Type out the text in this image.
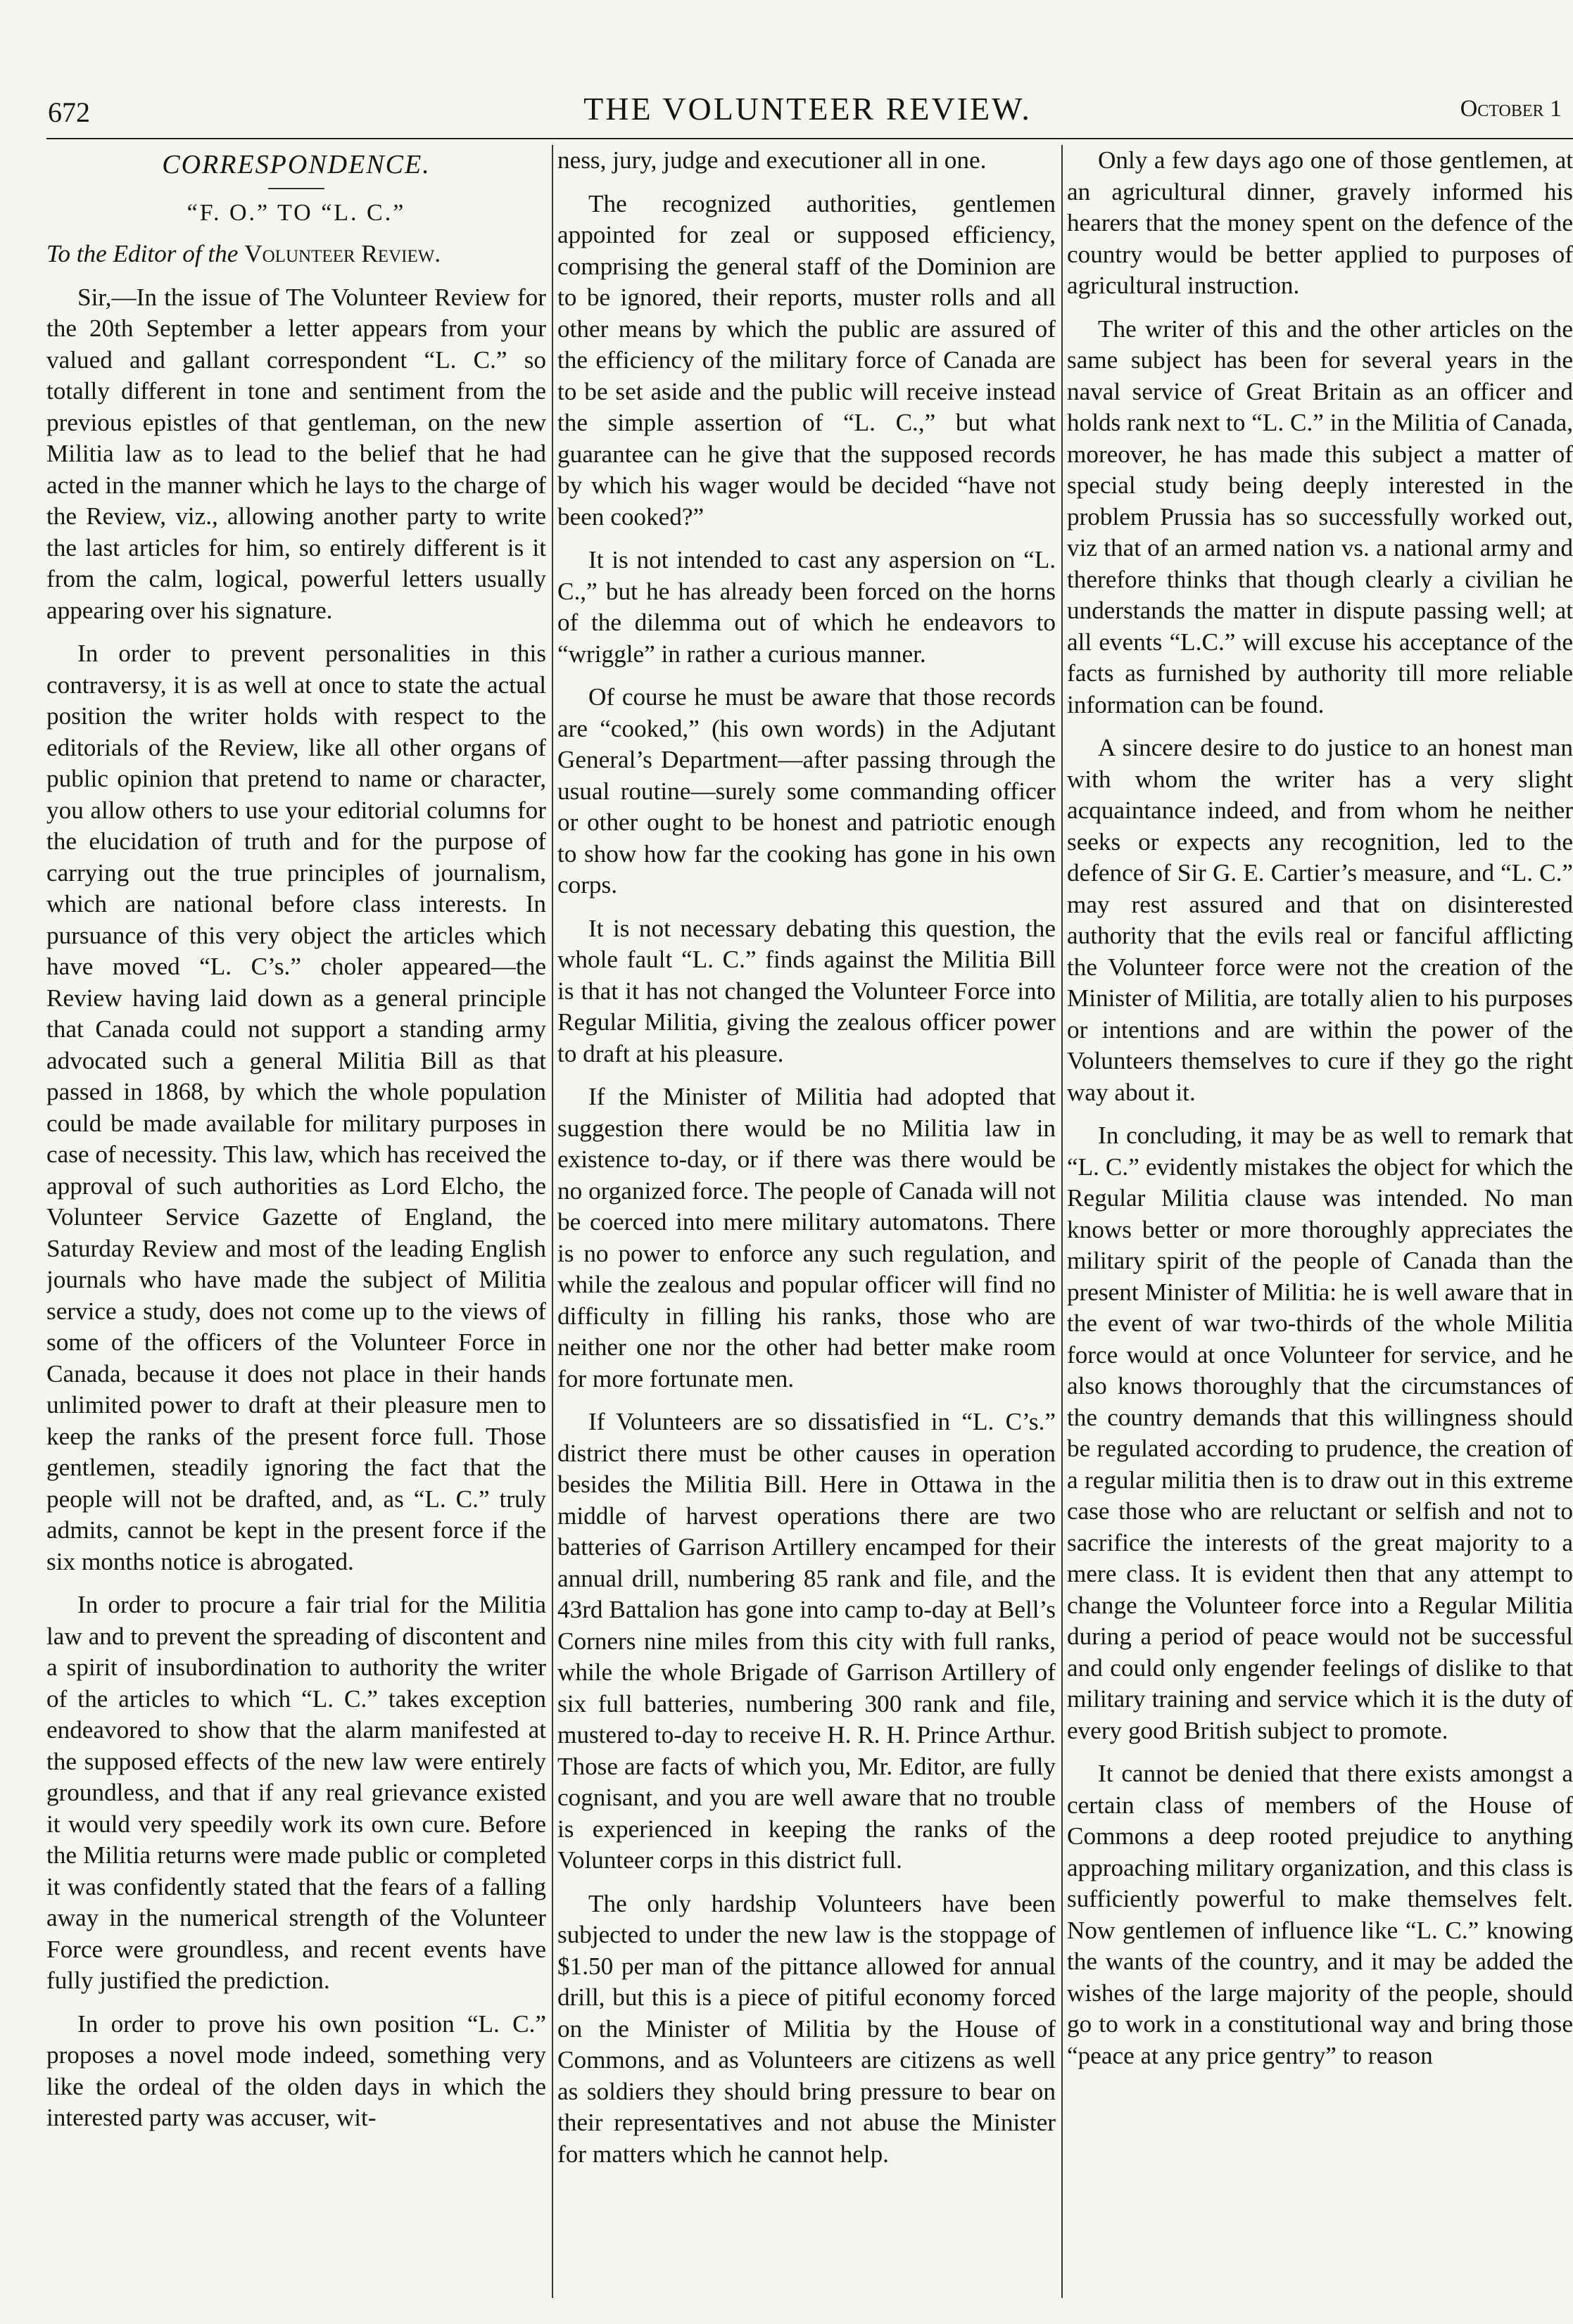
672	THE VOLUNTEER REVIEW.	October 1
CORRESPONDENCE.
“F. O.” TO “L. C.”

To the Editor of the Volunteer Review.

Sir,—In the issue of The Volunteer Review for the 20th September a letter appears from your valued and gallant correspondent “L. C.” so totally different in tone and sentiment from the previous epistles of that gentleman, on the new Militia law as to lead to the belief that he had acted in the manner which he lays to the charge of the Review, viz., allowing another party to write the last articles for him, so entirely different is it from the calm, logical, powerful letters usually appearing over his signature.

In order to prevent personalities in this contraversy, it is as well at once to state the actual position the writer holds with respect to the editorials of the Review, like all other organs of public opinion that pretend to name or character, you allow others to use your editorial columns for the elucidation of truth and for the purpose of carrying out the true principles of journalism, which are national before class interests. In pursuance of this very object the articles which have moved “L. C’s.” choler appeared—the Review having laid down as a general principle that Canada could not support a standing army advocated such a general Militia Bill as that passed in 1868, by which the whole population could be made available for military purposes in case of necessity. This law, which has received the approval of such authorities as Lord Elcho, the Volunteer Service Gazette of England, the Saturday Review and most of the leading English journals who have made the subject of Militia service a study, does not come up to the views of some of the officers of the Volunteer Force in Canada, because it does not place in their hands unlimited power to draft at their pleasure men to keep the ranks of the present force full. Those gentlemen, steadily ignoring the fact that the people will not be drafted, and, as “L. C.” truly admits, cannot be kept in the present force if the six months notice is abrogated.

In order to procure a fair trial for the Militia law and to prevent the spreading of discontent and a spirit of insubordination to authority the writer of the articles to which “L. C.” takes exception endeavored to show that the alarm manifested at the supposed effects of the new law were entirely groundless, and that if any real grievance existed it would very speedily work its own cure. Before the Militia returns were made public or completed it was confidently stated that the fears of a falling away in the numerical strength of the Volunteer Force were groundless, and recent events have fully justified the prediction.

In order to prove his own position “L. C.” proposes a novel mode indeed, something very like the ordeal of the olden days in which the interested party was accuser, wit-

ness, jury, judge and executioner all in one.

The recognized authorities, gentlemen appointed for zeal or supposed efficiency, comprising the general staff of the Dominion are to be ignored, their reports, muster rolls and all other means by which the public are assured of the efficiency of the military force of Canada are to be set aside and the public will receive instead the simple assertion of “L. C.,” but what guarantee can he give that the supposed records by which his wager would be decided “have not been cooked?”

It is not intended to cast any aspersion on “L. C.,” but he has already been forced on the horns of the dilemma out of which he endeavors to “wriggle” in rather a curious manner.

Of course he must be aware that those records are “cooked,” (his own words) in the Adjutant General’s Department—after passing through the usual routine—surely some commanding officer or other ought to be honest and patriotic enough to show how far the cooking has gone in his own corps.

It is not necessary debating this question, the whole fault “L. C.” finds against the Militia Bill is that it has not changed the Volunteer Force into Regular Militia, giving the zealous officer power to draft at his pleasure.

If the Minister of Militia had adopted that suggestion there would be no Militia law in existence to-day, or if there was there would be no organized force. The people of Canada will not be coerced into mere military automatons. There is no power to enforce any such regulation, and while the zealous and popular officer will find no difficulty in filling his ranks, those who are neither one nor the other had better make room for more fortunate men.

If Volunteers are so dissatisfied in “L. C’s.” district there must be other causes in operation besides the Militia Bill. Here in Ottawa in the middle of harvest operations there are two batteries of Garrison Artillery encamped for their annual drill, numbering 85 rank and file, and the 43rd Battalion has gone into camp to-day at Bell’s Corners nine miles from this city with full ranks, while the whole Brigade of Garrison Artillery of six full batteries, numbering 300 rank and file, mustered to-day to receive H. R. H. Prince Arthur. Those are facts of which you, Mr. Editor, are fully cognisant, and you are well aware that no trouble is experienced in keeping the ranks of the Volunteer corps in this district full.

The only hardship Volunteers have been subjected to under the new law is the stoppage of $1.50 per man of the pittance allowed for annual drill, but this is a piece of pitiful economy forced on the Minister of Militia by the House of Commons, and as Volunteers are citizens as well as soldiers they should bring pressure to bear on their representatives and not abuse the Minister for matters which he cannot help.

Only a few days ago one of those gentlemen, at an agricultural dinner, gravely informed his hearers that the money spent on the defence of the country would be better applied to purposes of agricultural instruction.

The writer of this and the other articles on the same subject has been for several years in the naval service of Great Britain as an officer and holds rank next to “L. C.” in the Militia of Canada, moreover, he has made this subject a matter of special study being deeply interested in the problem Prussia has so successfully worked out, viz that of an armed nation vs. a national army and therefore thinks that though clearly a civilian he understands the matter in dispute passing well; at all events “L.C.” will excuse his acceptance of the facts as furnished by authority till more reliable information can be found.

A sincere desire to do justice to an honest man with whom the writer has a very slight acquaintance indeed, and from whom he neither seeks or expects any recognition, led to the defence of Sir G. E. Cartier’s measure, and “L. C.” may rest assured and that on disinterested authority that the evils real or fanciful afflicting the Volunteer force were not the creation of the Minister of Militia, are totally alien to his purposes or intentions and are within the power of the Volunteers themselves to cure if they go the right way about it.

In concluding, it may be as well to remark that “L. C.” evidently mistakes the object for which the Regular Militia clause was intended. No man knows better or more thoroughly appreciates the military spirit of the people of Canada than the present Minister of Militia: he is well aware that in the event of war two-thirds of the whole Militia force would at once Volunteer for service, and he also knows thoroughly that the circumstances of the country demands that this willingness should be regulated according to prudence, the creation of a regular militia then is to draw out in this extreme case those who are reluctant or selfish and not to sacrifice the interests of the great majority to a mere class. It is evident then that any attempt to change the Volunteer force into a Regular Militia during a period of peace would not be successful and could only engender feelings of dislike to that military training and service which it is the duty of every good British subject to promote.

It cannot be denied that there exists amongst a certain class of members of the House of Commons a deep rooted prejudice to anything approaching military organization, and this class is sufficiently powerful to make themselves felt. Now gentlemen of influence like “L. C.” knowing the wants of the country, and it may be added the wishes of the large majority of the people, should go to work in a constitutional way and bring those “peace at any price gentry” to reason
